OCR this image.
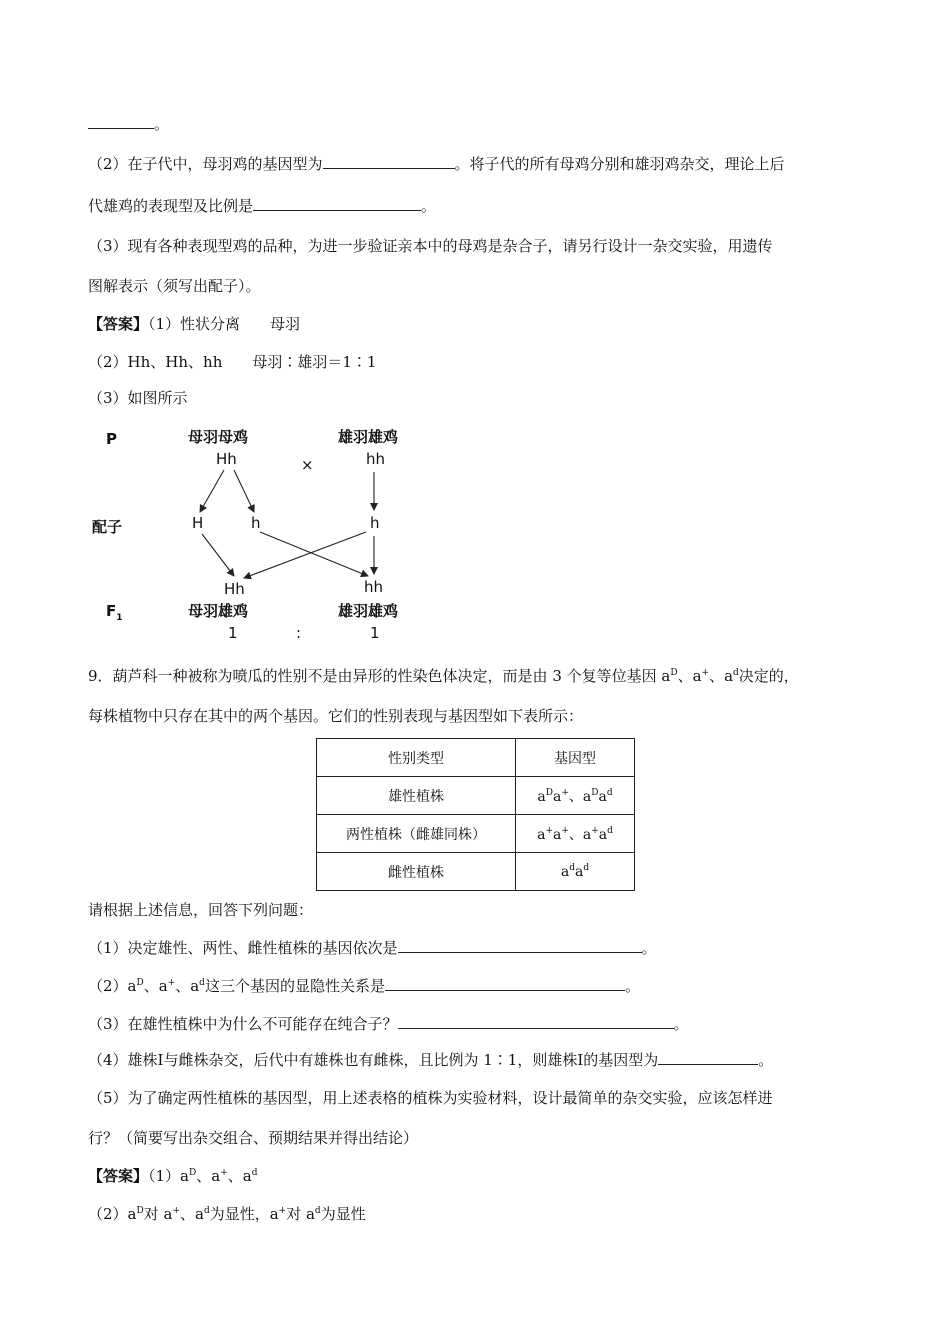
。
（2）在子代中，母羽鸡的基因型为	。将子代的所有母鸡分别和雄羽鸡杂交，理论上后
代雄鸡的表现型及比例是	。
（3）现有各种表现型鸡的品种，为进一步验证亲本中的母鸡是杂合子，请另行设计一杂交实验，用遗传
图解表示（须写出配子）。
【答案】（1）性状分离　　母羽
（2）Hh、Hh、hh　　母羽∶雄羽＝1∶1
（3）如图所示
P	母羽母鸡
Hh	×
雄羽雄鸡
hh
配子	H	h	h
Hh	hh
$F_1$	母羽雄鸡	雄羽雄鸡
1	:	1
9．葫芦科一种被称为喷瓜的性别不是由异形的性染色体决定，而是由 3 个复等位基因 $a^D$、a+、$a^d$决定的，
每株植物中只存在其中的两个基因。它们的性别表现与基因型如下表所示：
性别类型	基因型
雄性植株	$a^Da^+$、$a^Da^d$
两性植株（雌雄同株）	a+a+、$a^+a^d$
雌性植株	$a^da^d$
请根据上述信息，回答下列问题：
（1）决定雄性、两性、雌性植株的基因依次是	。
$(2)a^D$、a+、$a^d$这三个基因的显隐性关系是	。
（3）在雄性植株中为什么不可能存在纯合子？	。
（4）雄株Ⅰ与雌株杂交，后代中有雄株也有雌株，且比例为 1∶1，则雄株Ⅰ的基因型为	。
（5）为了确定两性植株的基因型，用上述表格的植株为实验材料，设计最简单的杂交实验，应该怎样进
行？（简要写出杂交组合、预期结果并得出结论）
【答案】$(1)a^D$、a+、$a^d$
$(2)a^D$对 a+、$a^d$为显性，a+对 $a^d$为显性
